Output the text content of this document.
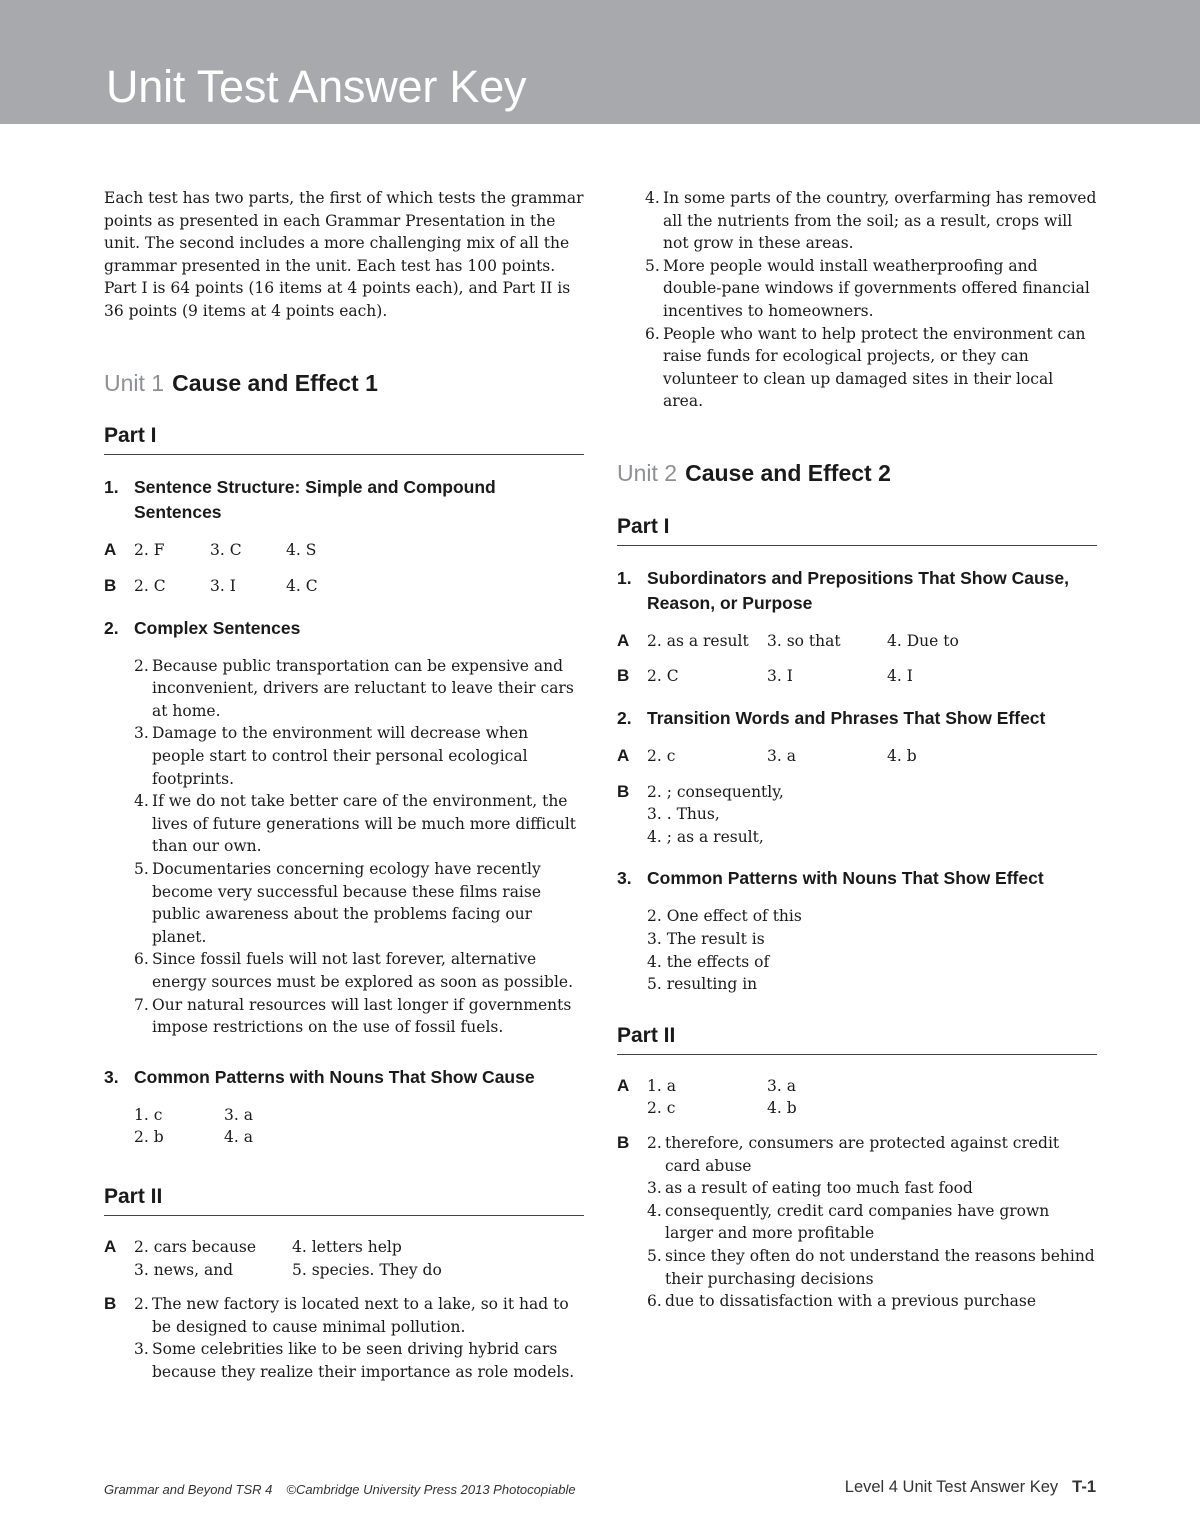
Unit Test Answer Key

Each test has two parts, the first of which tests the grammar points as presented in each Grammar Presentation in the unit. The second includes a more challenging mix of all the grammar presented in the unit. Each test has 100 points. Part I is 64 points (16 items at 4 points each), and Part II is 36 points (9 items at 4 points each).

Unit 1 Cause and Effect 1
Part I
1. Sentence Structure: Simple and Compound Sentences
A	2. F	3. C	4. S
B	2. C	3. I	4. C
2. Complex Sentences
2. Because public transportation can be expensive and inconvenient, drivers are reluctant to leave their cars at home.
3. Damage to the environment will decrease when people start to control their personal ecological footprints.
4. If we do not take better care of the environment, the lives of future generations will be much more difficult than our own.
5. Documentaries concerning ecology have recently become very successful because these films raise public awareness about the problems facing our planet.
6. Since fossil fuels will not last forever, alternative energy sources must be explored as soon as possible.
7. Our natural resources will last longer if governments impose restrictions on the use of fossil fuels.
3. Common Patterns with Nouns That Show Cause
1. c	3. a
2. b	4. a
Part II
A	2. cars because	4. letters help
3. news, and	5. species. They do
B	2. The new factory is located next to a lake, so it had to be designed to cause minimal pollution.
3. Some celebrities like to be seen driving hybrid cars because they realize their importance as role models.
4. In some parts of the country, overfarming has removed all the nutrients from the soil; as a result, crops will not grow in these areas.
5. More people would install weatherproofing and double-pane windows if governments offered financial incentives to homeowners.
6. People who want to help protect the environment can raise funds for ecological projects, or they can volunteer to clean up damaged sites in their local area.
Unit 2 Cause and Effect 2
Part I
1. Subordinators and Prepositions That Show Cause, Reason, or Purpose
A	2. as a result	3. so that	4. Due to
B	2. C	3. I	4. I
2. Transition Words and Phrases That Show Effect
A	2. c	3. a	4. b
B	2. ; consequently,
3. . Thus,
4. ; as a result,
3. Common Patterns with Nouns That Show Effect
2. One effect of this
3. The result is
4. the effects of
5. resulting in
Part II
A	1. a	3. a
2. c	4. b
B	2. therefore, consumers are protected against credit card abuse
3. as a result of eating too much fast food
4. consequently, credit card companies have grown larger and more profitable
5. since they often do not understand the reasons behind their purchasing decisions
6. due to dissatisfaction with a previous purchase
Grammar and Beyond TSR 4 ©Cambridge University Press 2013 Photocopiable	Level 4 Unit Test Answer Key T-1
